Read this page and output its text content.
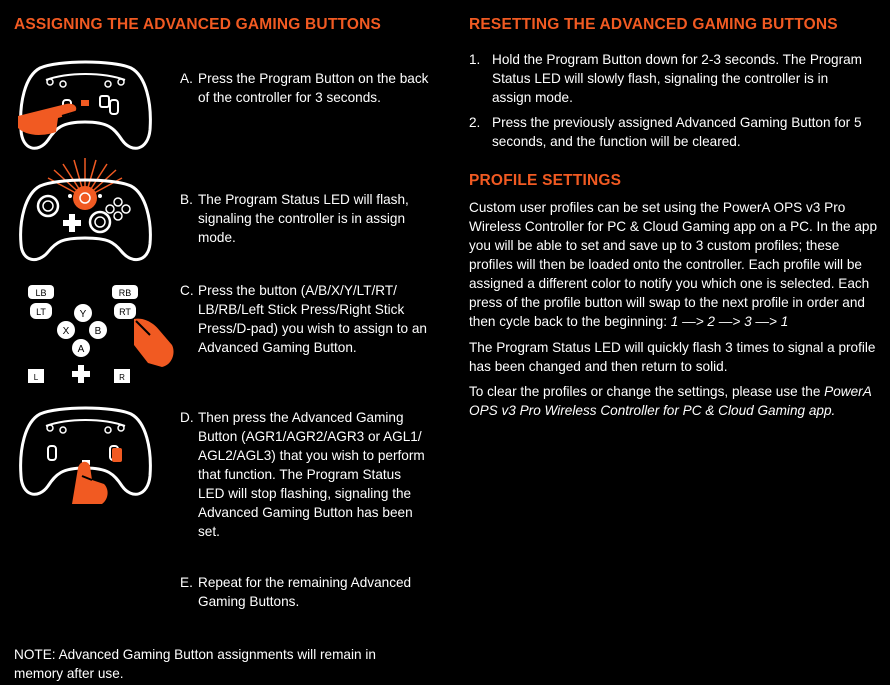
ASSIGNING THE ADVANCED GAMING BUTTONS
LB	RB
LT	RT
Y
X	B
A
L	R
A. Press the Program Button on the back
of the controller for 3 seconds.
B. The Program Status LED will flash,
signaling the controller is in assign mode.
C. Press the button (A/B/X/Y/LT/RT/
LB/RB/Left Stick Press/Right Stick Press/D-pad) you wish to assign to an Advanced Gaming Button.
D. Then press the Advanced Gaming
Button (AGR1/AGR2/AGR3 or AGL1/ AGL2/AGL3) that you wish to perform that function. The Program Status LED will stop flashing, signaling the Advanced Gaming Button has been set.
E. Repeat for the remaining Advanced
Gaming Buttons.
NOTE: Advanced Gaming Button assignments will remain in memory after use.
RESETTING THE ADVANCED GAMING BUTTONS
1. Hold the Program Button down for 2-3 seconds. The Program Status LED will slowly flash, signaling the controller is in assign mode.
2. Press the previously assigned Advanced Gaming Button for 5 seconds, and the function will be cleared.
PROFILE SETTINGS
Custom user profiles can be set using the PowerA OPS v3 Pro Wireless Controller for PC & Cloud Gaming app on a PC. In the app you will be able to set and save up to 3 custom profiles; these profiles will then be loaded onto the controller. Each profile will be assigned a different color to notify you which one is selected. Each press of the profile button will swap to the next profile in order and then cycle back to the beginning: 1 —> 2 —> 3 —> 1
The Program Status LED will quickly flash 3 times to signal a profile has been changed and then return to solid.
To clear the profiles or change the settings, please use the PowerA OPS v3 Pro Wireless Controller for PC & Cloud Gaming app.
